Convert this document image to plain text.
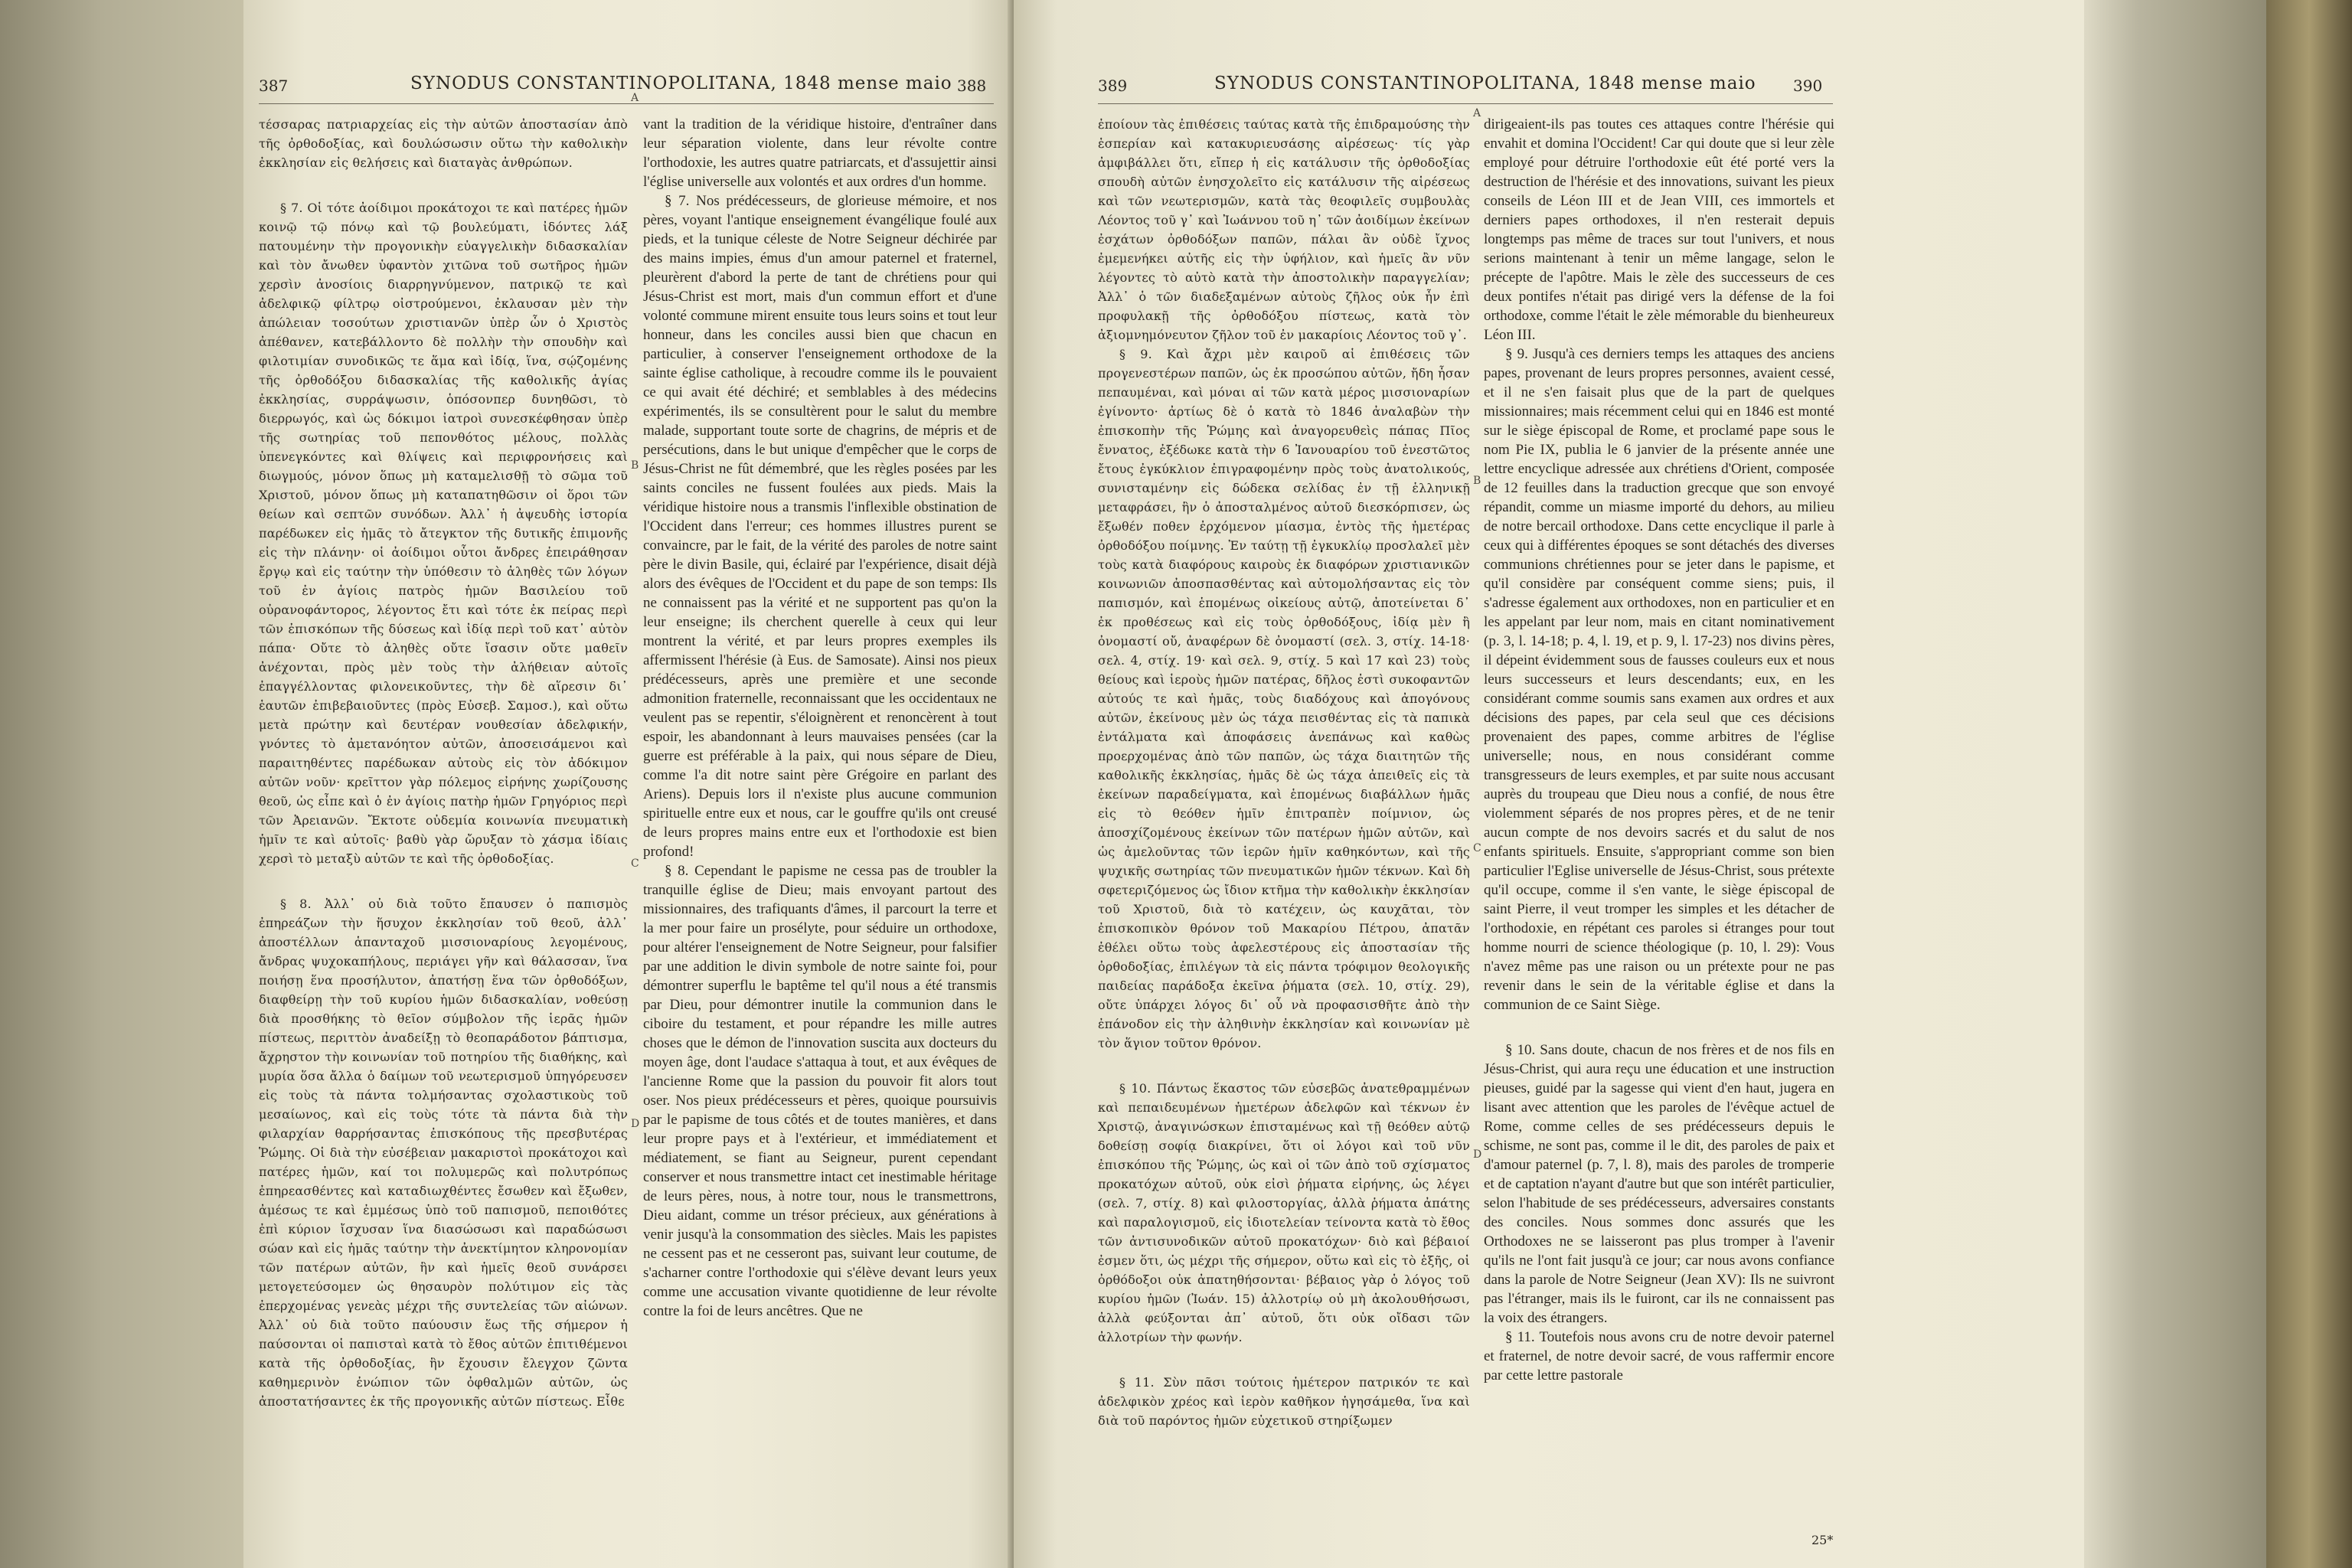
387	SYNODUS CONSTANTINOPOLITANA, 1848 mense maio 388

τέσσαρας πατριαρχείας εἰς τὴν αὐτῶν ἀποστασίαν ἀπὸ τῆς ὀρθοδοξίας, καὶ δουλώσωσιν οὕτω τὴν καθολικὴν ἐκκλησίαν εἰς θελήσεις καὶ διαταγὰς ἀνθρώπων.

§ 7. Οἱ τότε ἀοίδιμοι προκάτοχοι τε καὶ πατέρες ἡμῶν κοινῷ τῷ πόνῳ καὶ τῷ βουλεύματι, ἰδόντες λάξ πατουμένην τὴν προγονικὴν εὐαγγελικὴν διδασκαλίαν καὶ τὸν ἄνωθεν ὑφαντὸν χιτῶνα τοῦ σωτῆρος ἡμῶν χερσὶν ἀνοσίοις διαρρηγνύμενον, πατρικῷ τε καὶ ἀδελφικῷ φίλτρῳ οἰστρούμενοι, ἐκλαυσαν μὲν τὴν ἀπώλειαν τοσούτων χριστιανῶν ὑπὲρ ὧν ὁ Χριστὸς ἀπέθανεν, κατεβάλλοντο δὲ πολλὴν τὴν σπουδὴν καὶ φιλοτιμίαν συνοδικῶς τε ἅμα καὶ ἰδίᾳ, ἵνα, σῴζομένης τῆς ὀρθοδόξου διδασκαλίας τῆς καθολικῆς ἁγίας ἐκκλησίας, συρράψωσιν, ὁπόσονπερ δυνηθῶσι, τὸ διερρωγός, καὶ ὡς δόκιμοι ἰατροὶ συνεσκέφθησαν ὑπὲρ τῆς σωτηρίας τοῦ πεπονθότος μέλους, πολλὰς ὑπενεγκόντες καὶ θλίψεις καὶ περιφρονήσεις καὶ διωγμούς, μόνον ὅπως μὴ καταμελισθῇ τὸ σῶμα τοῦ Χριστοῦ, μόνον ὅπως μὴ καταπατηθῶσιν οἱ ὅροι τῶν θείων καὶ σεπτῶν συνόδων. Ἀλλ᾽ ἡ ἀψευδὴς ἱστορία παρέδωκεν εἰς ἡμᾶς τὸ ἄτεγκτον τῆς δυτικῆς ἐπιμονῆς εἰς τὴν πλάνην· οἱ ἀοίδιμοι οὗτοι ἄνδρες ἐπειράθησαν ἔργῳ καὶ εἰς ταύτην τὴν ὑπόθεσιν τὸ ἀληθὲς τῶν λόγων τοῦ ἐν ἁγίοις πατρὸς ἡμῶν Βασιλείου τοῦ οὐρανοφάντορος, λέγοντος ἔτι καὶ τότε ἐκ πείρας περὶ τῶν ἐπισκόπων τῆς δύσεως καὶ ἰδίᾳ περὶ τοῦ κατ᾽ αὐτὸν πάπα· Οὔτε τὸ ἀληθὲς οὔτε ἴσασιν οὔτε μαθεῖν ἀνέχονται, πρὸς μὲν τοὺς τὴν ἀλήθειαν αὐτοῖς ἐπαγγέλλοντας φιλονεικοῦντες, τὴν δὲ αἵρεσιν δι᾽ ἑαυτῶν ἐπιβεβαιοῦντες (πρὸς Εὐσεβ. Σαμοσ.), καὶ οὕτω μετὰ πρώτην καὶ δευτέραν νουθεσίαν ἀδελφικήν, γνόντες τὸ ἀμετανόητον αὐτῶν, ἀποσεισάμενοι καὶ παραιτηθέντες παρέδωκαν αὐτοὺς εἰς τὸν ἀδόκιμον αὐτῶν νοῦν· κρεῖττον γὰρ πόλεμος εἰρήνης χωρίζουσης θεοῦ, ὡς εἶπε καὶ ὁ ἐν ἁγίοις πατὴρ ἡμῶν Γρηγόριος περὶ τῶν Ἀρειανῶν. Ἔκτοτε οὐδεμία κοινωνία πνευματικὴ ἡμῖν τε καὶ αὐτοῖς· βαθὺ γὰρ ὤρυξαν τὸ χάσμα ἰδίαις χερσὶ τὸ μεταξὺ αὐτῶν τε καὶ τῆς ὀρθοδοξίας.

§ 8. Ἀλλ᾽ οὐ διὰ τοῦτο ἔπαυσεν ὁ παπισμὸς ἐπηρεάζων τὴν ἥσυχον ἐκκλησίαν τοῦ θεοῦ, ἀλλ᾽ ἀποστέλλων ἁπανταχοῦ μισσιοναρίους λεγομένους, ἄνδρας ψυχοκαπήλους, περιάγει γῆν καὶ θάλασσαν, ἵνα ποιήσῃ ἕνα προσήλυτον, ἀπατήσῃ ἕνα τῶν ὀρθοδόξων, διαφθείρῃ τὴν τοῦ κυρίου ἡμῶν διδασκαλίαν, νοθεύσῃ διὰ προσθήκης τὸ θεῖον σύμβολον τῆς ἱερᾶς ἡμῶν πίστεως, περιττὸν ἀναδείξῃ τὸ θεοπαράδοτον βάπτισμα, ἄχρηστον τὴν κοινωνίαν τοῦ ποτηρίου τῆς διαθήκης, καὶ μυρία ὅσα ἄλλα ὁ δαίμων τοῦ νεωτερισμοῦ ὑπηγόρευσεν εἰς τοὺς τὰ πάντα τολμήσαντας σχολαστικοὺς τοῦ μεσαίωνος, καὶ εἰς τοὺς τότε τὰ πάντα διὰ τὴν φιλαρχίαν θαρρήσαντας ἐπισκόπους τῆς πρεσβυτέρας Ῥώμης. Οἱ διὰ τὴν εὐσέβειαν μακαριστοὶ προκάτοχοι καὶ πατέρες ἡμῶν, καί τοι πολυμερῶς καὶ πολυτρόπως ἐπηρεασθέντες καὶ καταδιωχθέντες ἔσωθεν καὶ ἔξωθεν, ἀμέσως τε καὶ ἐμμέσως ὑπὸ τοῦ παπισμοῦ, πεποιθότες ἐπὶ κύριον ἴσχυσαν ἵνα διασώσωσι καὶ παραδώσωσι σώαν καὶ εἰς ἡμᾶς ταύτην τὴν ἀνεκτίμητον κληρονομίαν τῶν πατέρων αὐτῶν, ἣν καὶ ἡμεῖς θεοῦ συνάρσει μετογετεύσομεν ὡς θησαυρὸν πολύτιμον εἰς τὰς ἐπερχομένας γενεὰς μέχρι τῆς συντελείας τῶν αἰώνων. Ἀλλ᾽ οὐ διὰ τοῦτο παύουσιν ἕως τῆς σήμερον ἡ παύσονται οἱ παπισταὶ κατὰ τὸ ἔθος αὐτῶν ἐπιτιθέμενοι κατὰ τῆς ὀρθοδοξίας, ἣν ἔχουσιν ἔλεγχον ζῶντα καθημερινὸν ἐνώπιον τῶν ὀφθαλμῶν αὐτῶν, ὡς ἀποστατήσαντες ἐκ τῆς προγονικῆς αὐτῶν πίστεως. Εἶθε

A
B
C
D

vant la tradition de la véridique histoire, d'entraîner dans leur séparation violente, dans leur révolte contre l'orthodoxie, les autres quatre patriarcats, et d'assujettir ainsi l'église universelle aux volontés et aux ordres d'un homme.

§ 7. Nos prédécesseurs, de glorieuse mémoire, et nos pères, voyant l'antique enseignement évangélique foulé aux pieds, et la tunique céleste de Notre Seigneur déchirée par des mains impies, émus d'un amour paternel et fraternel, pleurèrent d'abord la perte de tant de chrétiens pour qui Jésus-Christ est mort, mais d'un commun effort et d'une volonté commune mirent ensuite tous leurs soins et tout leur honneur, dans les conciles aussi bien que chacun en particulier, à conserver l'enseignement orthodoxe de la sainte église catholique, à recoudre comme ils le pouvaient ce qui avait été déchiré; et semblables à des médecins expérimentés, ils se consultèrent pour le salut du membre malade, supportant toute sorte de chagrins, de mépris et de persécutions, dans le but unique d'empêcher que le corps de Jésus-Christ ne fût démembré, que les règles posées par les saints conciles ne fussent foulées aux pieds. Mais la véridique histoire nous a transmis l'inflexible obstination de l'Occident dans l'erreur; ces hommes illustres purent se convaincre, par le fait, de la vérité des paroles de notre saint père le divin Basile, qui, éclairé par l'expérience, disait déjà alors des évêques de l'Occident et du pape de son temps: Ils ne connaissent pas la vérité et ne supportent pas qu'on la leur enseigne; ils cherchent querelle à ceux qui leur montrent la vérité, et par leurs propres exemples ils affermissent l'hérésie (à Eus. de Samosate). Ainsi nos pieux prédécesseurs, après une première et une seconde admonition fraternelle, reconnaissant que les occidentaux ne veulent pas se repentir, s'éloignèrent et renoncèrent à tout espoir, les abandonnant à leurs mauvaises pensées (car la guerre est préférable à la paix, qui nous sépare de Dieu, comme l'a dit notre saint père Grégoire en parlant des Ariens). Depuis lors il n'existe plus aucune communion spirituelle entre eux et nous, car le gouffre qu'ils ont creusé de leurs propres mains entre eux et l'orthodoxie est bien profond!

§ 8. Cependant le papisme ne cessa pas de troubler la tranquille église de Dieu; mais envoyant partout des missionnaires, des trafiquants d'âmes, il parcourt la terre et la mer pour faire un prosélyte, pour séduire un orthodoxe, pour altérer l'enseignement de Notre Seigneur, pour falsifier par une addition le divin symbole de notre sainte foi, pour démontrer superflu le baptême tel qu'il nous a été transmis par Dieu, pour démontrer inutile la communion dans le ciboire du testament, et pour répandre les mille autres choses que le démon de l'innovation suscita aux docteurs du moyen âge, dont l'audace s'attaqua à tout, et aux évêques de l'ancienne Rome que la passion du pouvoir fit alors tout oser. Nos pieux prédécesseurs et pères, quoique poursuivis par le papisme de tous côtés et de toutes manières, et dans leur propre pays et à l'extérieur, et immédiatement et médiatement, se fiant au Seigneur, purent cependant conserver et nous transmettre intact cet inestimable héritage de leurs pères, nous, à notre tour, nous le transmettrons, Dieu aidant, comme un trésor précieux, aux générations à venir jusqu'à la consommation des siècles. Mais les papistes ne cessent pas et ne cesseront pas, suivant leur coutume, de s'acharner contre l'orthodoxie qui s'élève devant leurs yeux comme une accusation vivante quotidienne de leur révolte contre la foi de leurs ancêtres. Que ne

389	SYNODUS CONSTANTINOPOLITANA, 1848 mense maio 390

ἐποίουν τὰς ἐπιθέσεις ταύτας κατὰ τῆς ἐπιδραμούσης τὴν ἑσπερίαν καὶ κατακυριευσάσης αἱρέσεως· τίς γὰρ ἀμφιβάλλει ὅτι, εἴπερ ἡ εἰς κατάλυσιν τῆς ὀρθοδοξίας σπουδὴ αὐτῶν ἐνησχολεῖτο εἰς κατάλυσιν τῆς αἱρέσεως καὶ τῶν νεωτερισμῶν, κατὰ τὰς θεοφιλεῖς συμβουλὰς Λέοντος τοῦ γ᾽ καὶ Ἰωάννου τοῦ η᾽ τῶν ἀοιδίμων ἐκείνων ἐσχάτων ὀρθοδόξων παπῶν, πάλαι ἂν οὐδὲ ἴχνος ἐμεμενήκει αὐτῆς εἰς τὴν ὑφήλιον, καὶ ἡμεῖς ἂν νῦν λέγοντες τὸ αὐτὸ κατὰ τὴν ἀποστολικὴν παραγγελίαν; Ἀλλ᾽ ὁ τῶν διαδεξαμένων αὐτοὺς ζῆλος οὐκ ἦν ἐπὶ προφυλακῇ τῆς ὀρθοδόξου πίστεως, κατὰ τὸν ἀξιομνημόνευτον ζῆλον τοῦ ἐν μακαρίοις Λέοντος τοῦ γ᾽.

§ 9. Καὶ ἄχρι μὲν καιροῦ αἱ ἐπιθέσεις τῶν προγενεστέρων παπῶν, ὡς ἐκ προσώπου αὐτῶν, ἤδη ἦσαν πεπαυμέναι, καὶ μόναι αἱ τῶν κατὰ μέρος μισσιοναρίων ἐγίνοντο· ἀρτίως δὲ ὁ κατὰ τὸ 1846 ἀναλαβὼν τὴν ἐπισκοπὴν τῆς Ῥώμης καὶ ἀναγορευθεὶς πάπας Πῖος ἔννατος, ἐξέδωκε κατὰ τὴν 6 Ἰανουαρίου τοῦ ἐνεστῶτος ἔτους ἐγκύκλιον ἐπιγραφομένην πρὸς τοὺς ἀνατολικούς, συνισταμένην εἰς δώδεκα σελίδας ἐν τῇ ἑλληνικῇ μεταφράσει, ἣν ὁ ἀποσταλμένος αὐτοῦ διεσκόρπισεν, ὡς ἔξωθέν ποθεν ἐρχόμενον μίασμα, ἐντὸς τῆς ἡμετέρας ὀρθοδόξου ποίμνης. Ἐν ταύτῃ τῇ ἐγκυκλίῳ προσλαλεῖ μὲν τοὺς κατὰ διαφόρους καιροὺς ἐκ διαφόρων χριστιανικῶν κοινωνιῶν ἀποσπασθέντας καὶ αὐτομολήσαντας εἰς τὸν παπισμόν, καὶ ἑπομένως οἰκείους αὐτῷ, ἀποτείνεται δ᾽ ἐκ προθέσεως καὶ εἰς τοὺς ὀρθοδόξους, ἰδίᾳ μὲν ἢ ὀνομαστί οὔ, ἀναφέρων δὲ ὀνομαστί (σελ. 3, στίχ. 14-18· σελ. 4, στίχ. 19· καὶ σελ. 9, στίχ. 5 καὶ 17 καὶ 23) τοὺς θείους καὶ ἱεροὺς ἡμῶν πατέρας, δῆλος ἐστὶ συκοφαντῶν αὐτούς τε καὶ ἡμᾶς, τοὺς διαδόχους καὶ ἀπογόνους αὐτῶν, ἐκείνους μὲν ὡς τάχα πεισθέντας εἰς τὰ παπικὰ ἐντάλματα καὶ ἀποφάσεις ἀνεπάνως καὶ καθὼς προερχομένας ἀπὸ τῶν παπῶν, ὡς τάχα διαιτητῶν τῆς καθολικῆς ἐκκλησίας, ἡμᾶς δὲ ὡς τάχα ἀπειθεῖς εἰς τὰ ἐκείνων παραδείγματα, καὶ ἑπομένως διαβάλλων ἡμᾶς εἰς τὸ θεόθεν ἡμῖν ἐπιτραπὲν ποίμνιον, ὡς ἀποσχίζομένους ἐκείνων τῶν πατέρων ἡμῶν αὐτῶν, καὶ ὡς ἀμελοῦντας τῶν ἱερῶν ἡμῖν καθηκόντων, καὶ τῆς ψυχικῆς σωτηρίας τῶν πνευματικῶν ἡμῶν τέκνων. Καὶ δὴ σφετεριζόμενος ὡς ἴδιον κτῆμα τὴν καθολικὴν ἐκκλησίαν τοῦ Χριστοῦ, διὰ τὸ κατέχειν, ὡς καυχᾶται, τὸν ἐπισκοπικὸν θρόνον τοῦ Μακαρίου Πέτρου, ἀπατᾶν ἐθέλει οὕτω τοὺς ἀφελεστέρους εἰς ἀποστασίαν τῆς ὀρθοδοξίας, ἐπιλέγων τὰ εἰς πάντα τρόφιμον θεολογικῆς παιδείας παράδοξα ἐκεῖνα ῥήματα (σελ. 10, στίχ. 29), οὔτε ὑπάρχει λόγος δι᾽ οὗ νὰ προφασισθῆτε ἀπὸ τὴν ἐπάνοδον εἰς τὴν ἀληθινὴν ἐκκλησίαν καὶ κοινωνίαν μὲ τὸν ἅγιον τοῦτον θρόνον.

§ 10. Πάντως ἕκαστος τῶν εὐσεβῶς ἀνατεθραμμένων καὶ πεπαιδευμένων ἡμετέρων ἀδελφῶν καὶ τέκνων ἐν Χριστῷ, ἀναγινώσκων ἐπισταμένως καὶ τῇ θεόθεν αὐτῷ δοθείσῃ σοφίᾳ διακρίνει, ὅτι οἱ λόγοι καὶ τοῦ νῦν ἐπισκόπου τῆς Ῥώμης, ὡς καὶ οἱ τῶν ἀπὸ τοῦ σχίσματος προκατόχων αὐτοῦ, οὐκ εἰσὶ ῥήματα εἰρήνης, ὡς λέγει (σελ. 7, στίχ. 8) καὶ φιλοστοργίας, ἀλλὰ ῥήματα ἀπάτης καὶ παραλογισμοῦ, εἰς ἰδιοτελείαν τείνοντα κατὰ τὸ ἔθος τῶν ἀντισυνοδικῶν αὐτοῦ προκατόχων· διὸ καὶ βέβαιοί ἐσμεν ὅτι, ὡς μέχρι τῆς σήμερον, οὕτω καὶ εἰς τὸ ἑξῆς, οἱ ὀρθόδοξοι οὐκ ἀπατηθήσονται· βέβαιος γὰρ ὁ λόγος τοῦ κυρίου ἡμῶν (Ἰωάν. 15) ἀλλοτρίῳ οὐ μὴ ἀκολουθήσωσι, ἀλλὰ φεύξονται ἀπ᾽ αὐτοῦ, ὅτι οὐκ οἴδασι τῶν ἀλλοτρίων τὴν φωνήν.

§ 11. Σὺν πᾶσι τούτοις ἡμέτερον πατρικόν τε καὶ ἀδελφικὸν χρέος καὶ ἱερὸν καθῆκον ἡγησάμεθα, ἵνα καὶ διὰ τοῦ παρόντος ἡμῶν εὐχετικοῦ στηρίξωμεν

A
B
C
D

dirigeaient-ils pas toutes ces attaques contre l'hérésie qui envahit et domina l'Occident! Car qui doute que si leur zèle employé pour détruire l'orthodoxie eût été porté vers la destruction de l'hérésie et des innovations, suivant les pieux conseils de Léon III et de Jean VIII, ces immortels et derniers papes orthodoxes, il n'en resterait depuis longtemps pas même de traces sur tout l'univers, et nous serions maintenant à tenir un même langage, selon le précepte de l'apôtre. Mais le zèle des successeurs de ces deux pontifes n'était pas dirigé vers la défense de la foi orthodoxe, comme l'était le zèle mémorable du bienheureux Léon III.

§ 9. Jusqu'à ces derniers temps les attaques des anciens papes, provenant de leurs propres personnes, avaient cessé, et il ne s'en faisait plus que de la part de quelques missionnaires; mais récemment celui qui en 1846 est monté sur le siège épiscopal de Rome, et proclamé pape sous le nom Pie IX, publia le 6 janvier de la présente année une lettre encyclique adressée aux chrétiens d'Orient, composée de 12 feuilles dans la traduction grecque que son envoyé répandit, comme un miasme importé du dehors, au milieu de notre bercail orthodoxe. Dans cette encyclique il parle à ceux qui à différentes époques se sont détachés des diverses communions chrétiennes pour se jeter dans le papisme, et qu'il considère par conséquent comme siens; puis, il s'adresse également aux orthodoxes, non en particulier et en les appelant par leur nom, mais en citant nominativement (p. 3, l. 14-18; p. 4, l. 19, et p. 9, l. 17-23) nos divins pères, il dépeint évidemment sous de fausses couleurs eux et nous leurs successeurs et leurs descendants; eux, en les considérant comme soumis sans examen aux ordres et aux décisions des papes, par cela seul que ces décisions provenaient des papes, comme arbitres de l'église universelle; nous, en nous considérant comme transgresseurs de leurs exemples, et par suite nous accusant auprès du troupeau que Dieu nous a confié, de nous être violemment séparés de nos propres pères, et de ne tenir aucun compte de nos devoirs sacrés et du salut de nos enfants spirituels. Ensuite, s'appropriant comme son bien particulier l'Eglise universelle de Jésus-Christ, sous prétexte qu'il occupe, comme il s'en vante, le siège épiscopal de saint Pierre, il veut tromper les simples et les détacher de l'orthodoxie, en répétant ces paroles si étranges pour tout homme nourri de science théologique (p. 10, l. 29): Vous n'avez même pas une raison ou un prétexte pour ne pas revenir dans le sein de la véritable église et dans la communion de ce Saint Siège.

§ 10. Sans doute, chacun de nos frères et de nos fils en Jésus-Christ, qui aura reçu une éducation et une instruction pieuses, guidé par la sagesse qui vient d'en haut, jugera en lisant avec attention que les paroles de l'évêque actuel de Rome, comme celles de ses prédécesseurs depuis le schisme, ne sont pas, comme il le dit, des paroles de paix et d'amour paternel (p. 7, l. 8), mais des paroles de tromperie et de captation n'ayant d'autre but que son intérêt particulier, selon l'habitude de ses prédécesseurs, adversaires constants des conciles. Nous sommes donc assurés que les Orthodoxes ne se laisseront pas plus tromper à l'avenir qu'ils ne l'ont fait jusqu'à ce jour; car nous avons confiance dans la parole de Notre Seigneur (Jean XV): Ils ne suivront pas l'étranger, mais ils le fuiront, car ils ne connaissent pas la voix des étrangers.

§ 11. Toutefois nous avons cru de notre devoir paternel et fraternel, de notre devoir sacré, de vous raffermir encore par cette lettre pastorale

25*
